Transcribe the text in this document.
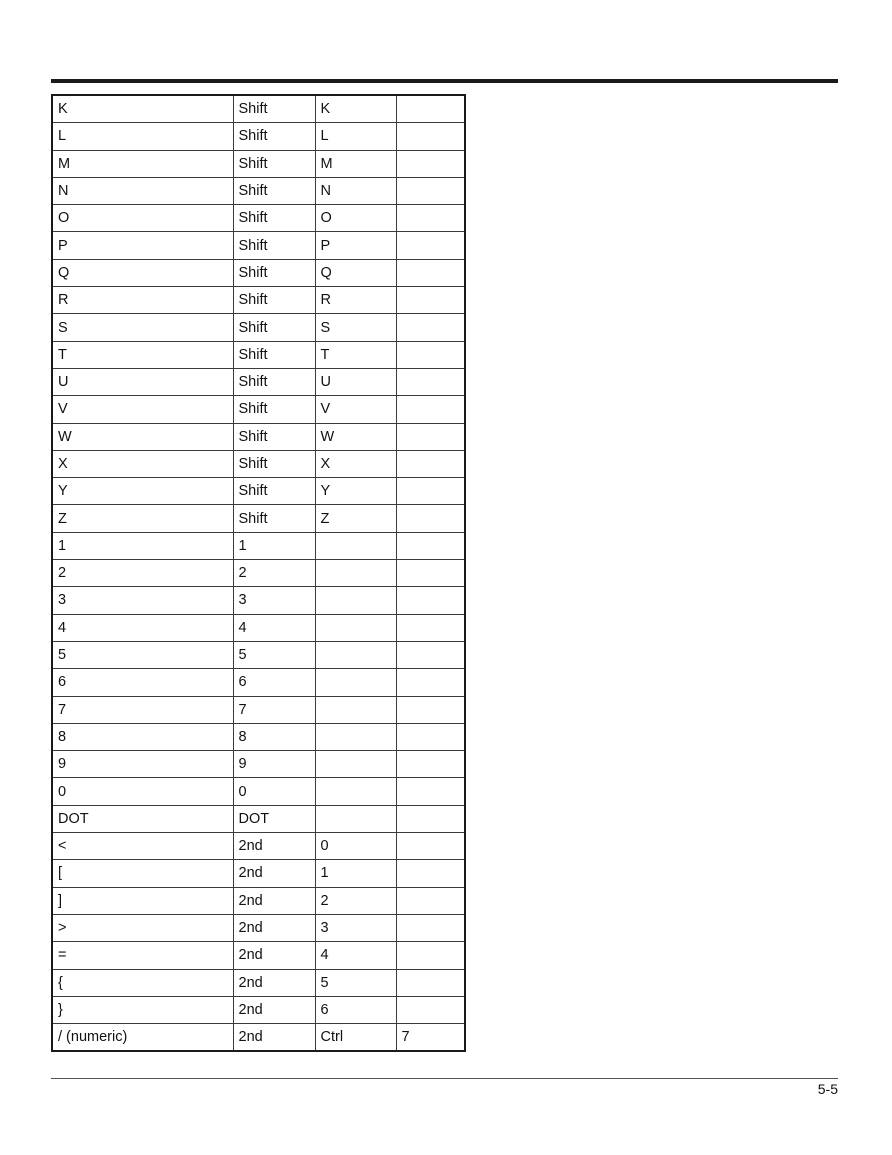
K	Shift	K	
L	Shift	L	
M	Shift	M	
N	Shift	N	
O	Shift	O	
P	Shift	P	
Q	Shift	Q	
R	Shift	R	
S	Shift	S	
T	Shift	T	
U	Shift	U	
V	Shift	V	
W	Shift	W	
X	Shift	X	
Y	Shift	Y	
Z	Shift	Z	
1	1		
2	2		
3	3		
4	4		
5	5		
6	6		
7	7		
8	8		
9	9		
0	0		
DOT	DOT		
<	2nd	0	
[	2nd	1	
]	2nd	2	
>	2nd	3	
=	2nd	4	
{	2nd	5	
}	2nd	6	
/ (numeric)	2nd	Ctrl	7
5-5
